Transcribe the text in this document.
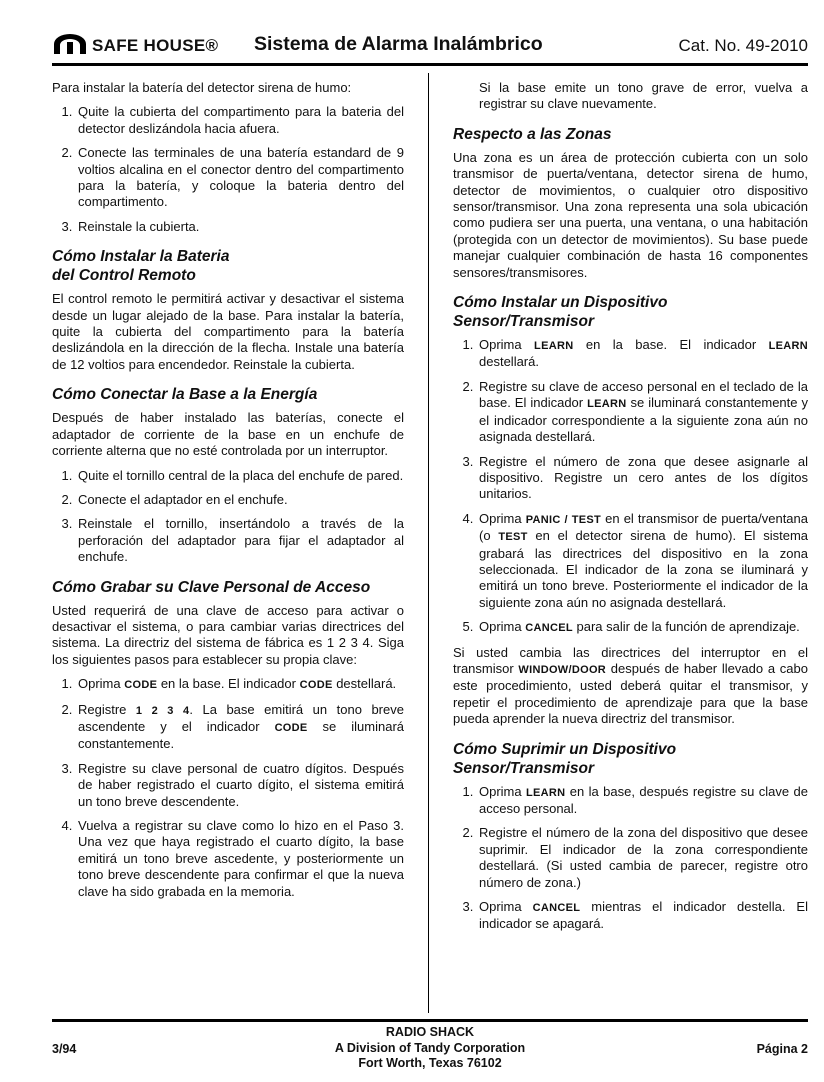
SAFE HOUSE® Sistema de Alarma Inalámbrico	Cat. No. 49-2010

Para instalar la batería del detector sirena de humo:

1. Quite la cubierta del compartimento para la bateria del detector deslizándola hacia afuera.
2. Conecte las terminales de una batería estandard de 9 voltios alcalina en el conector dentro del compartimento para la batería, y coloque la bateria dentro del compartimento.
3. Reinstale la cubierta.
Cómo Instalar la Bateria
del Control Remoto

El control remoto le permitirá activar y desactivar el sistema desde un lugar alejado de la base. Para instalar la batería, quite la cubierta del compartimento para la batería deslizándola en la dirección de la flecha. Instale una batería de 12 voltios para encendedor. Reinstale la cubierta.

Cómo Conectar la Base a la Energía

Después de haber instalado las baterías, conecte el adaptador de corriente de la base en un enchufe de corriente alterna que no esté controlada por un interruptor.

1. Quite el tornillo central de la placa del enchufe de pared.
2. Conecte el adaptador en el enchufe.
3. Reinstale el tornillo, insertándolo a través de la perforación del adaptador para fijar el adaptador al enchufe.
Cómo Grabar su Clave Personal de Acceso

Usted requerirá de una clave de acceso para activar o desactivar el sistema, o para cambiar varias directrices del sistema. La directriz del sistema de fábrica es 1 2 3 4. Siga los siguientes pasos para establecer su propia clave:

1. Oprima CODE en la base. El indicador CODE destellará.
2. Registre 1 2 3 4. La base emitirá un tono breve ascendente y el indicador CODE se iluminará constantemente.
3. Registre su clave personal de cuatro dígitos. Después de haber registrado el cuarto dígito, el sistema emitirá un tono breve descendente.
4. Vuelva a registrar su clave como lo hizo en el Paso 3. Una vez que haya registrado el cuarto dígito, la base emitirá un tono breve ascedente, y posteriormente un tono breve descendente para confirmar el que la nueva clave ha sido grabada en la memoria.

Si la base emite un tono grave de error, vuelva a registrar su clave nuevamente.

Respecto a las Zonas

Una zona es un área de protección cubierta con un solo transmisor de puerta/ventana, detector sirena de humo, detector de movimientos, o cualquier otro dispositivo sensor/transmisor. Una zona representa una sola ubicación como pudiera ser una puerta, una ventana, o una habitación (protegida con un detector de movimientos). Su base puede manejar cualquier combinación de hasta 16 componentes sensores/transmisores.

Cómo Instalar un Dispositivo
Sensor/Transmisor
1. Oprima LEARN en la base. El indicador LEARN destellará.
2. Registre su clave de acceso personal en el teclado de la base. El indicador LEARN se iluminará constantemente y el indicador correspondiente a la siguiente zona aún no asignada destellará.
3. Registre el número de zona que desee asignarle al dispositivo. Registre un cero antes de los dígitos unitarios.
4. Oprima PANIC / TEST en el transmisor de puerta/ventana (o TEST en el detector sirena de humo). El sistema grabará las directrices del dispositivo en la zona seleccionada. El indicador de la zona se iluminará y emitirá un tono breve. Posteriormente el indicador de la siguiente zona aún no asignada destellará.
5. Oprima CANCEL para salir de la función de aprendizaje.

Si usted cambia las directrices del interruptor en el transmisor WINDOW/DOOR después de haber llevado a cabo este procedimiento, usted deberá quitar el transmisor, y repetir el procedimiento de aprendizaje para que la base pueda aprender la nueva directriz del transmisor.

Cómo Suprimir un Dispositivo
Sensor/Transmisor
1. Oprima LEARN en la base, después registre su clave de acceso personal.
2. Registre el número de la zona del dispositivo que desee suprimir. El indicador de la zona correspondiente destellará. (Si usted cambia de parecer, registre otro número de zona.)
3. Oprima CANCEL mientras el indicador destella. El indicador se apagará.
RADIO SHACK
A Division of Tandy Corporation
Fort Worth, Texas 76102
3/94	Página 2
